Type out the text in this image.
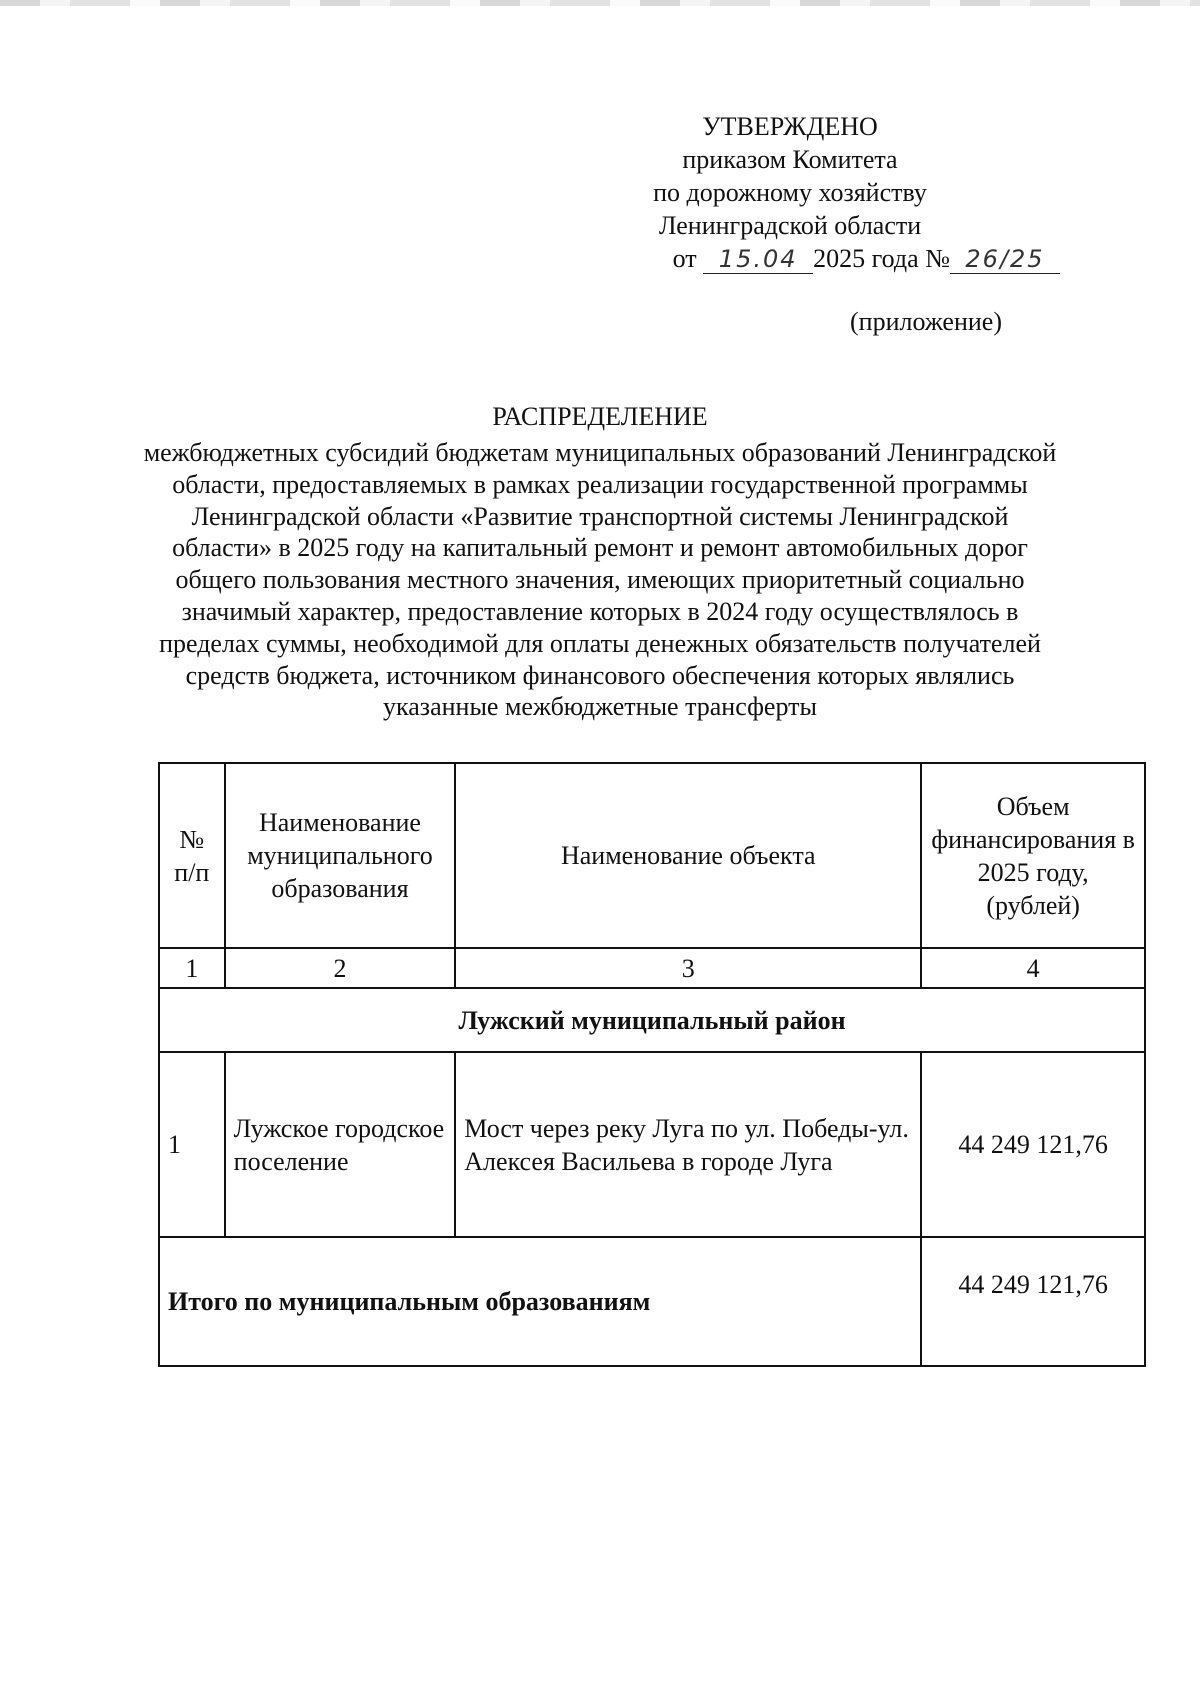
УТВЕРЖДЕНО
приказом Комитета
по дорожному хозяйству
Ленинградской области
от 15.04 2025 года № 26/25
(приложение)
РАСПРЕДЕЛЕНИЕ
межбюджетных субсидий бюджетам муниципальных образований Ленинградской области, предоставляемых в рамках реализации государственной программы Ленинградской области «Развитие транспортной системы Ленинградской области» в 2025 году на капитальный ремонт и ремонт автомобильных дорог общего пользования местного значения, имеющих приоритетный социально значимый характер, предоставление которых в 2024 году осуществлялось в пределах суммы, необходимой для оплаты денежных обязательств получателей средств бюджета, источником финансового обеспечения которых являлись указанные межбюджетные трансферты
№ п/п	Наименование муниципального образования	Наименование объекта	Объем финансирования в 2025 году, (рублей)
1	2	3	4
Лужский муниципальный район			
1	Лужское городское поселение	Мост через реку Луга по ул. Победы-ул. Алексея Васильева в городе Луга	44 249 121,76
Итого по муниципальным образованиям			44 249 121,76
